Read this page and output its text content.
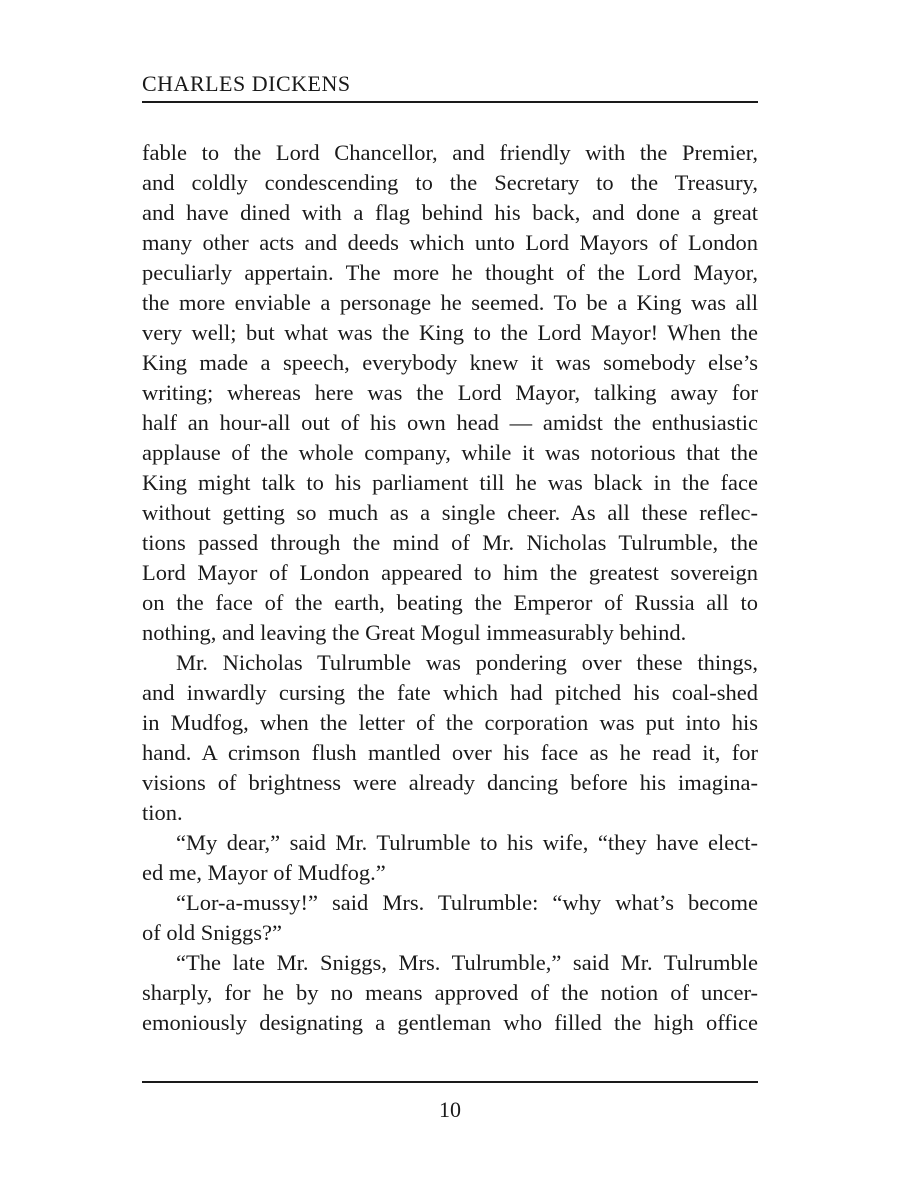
CHARLES DICKENS
fable to the Lord Chancellor, and friendly with the Premier,
and coldly condescending to the Secretary to the Treasury,
and have dined with a flag behind his back, and done a great
many other acts and deeds which unto Lord Mayors of London
peculiarly appertain. The more he thought of the Lord Mayor,
the more enviable a personage he seemed. To be a King was all
very well; but what was the King to the Lord Mayor! When the
King made a speech, everybody knew it was somebody else’s
writing; whereas here was the Lord Mayor, talking away for
half an hour-all out of his own head — amidst the enthusiastic
applause of the whole company, while it was notorious that the
King might talk to his parliament till he was black in the face
without getting so much as a single cheer. As all these reflec-
tions passed through the mind of Mr. Nicholas Tulrumble, the
Lord Mayor of London appeared to him the greatest sovereign
on the face of the earth, beating the Emperor of Russia all to
nothing, and leaving the Great Mogul immeasurably behind.
Mr. Nicholas Tulrumble was pondering over these things,
and inwardly cursing the fate which had pitched his coal-shed
in Mudfog, when the letter of the corporation was put into his
hand. A crimson flush mantled over his face as he read it, for
visions of brightness were already dancing before his imagina-
tion.
“My dear,” said Mr. Tulrumble to his wife, “they have elect-
ed me, Mayor of Mudfog.”
“Lor-a-mussy!” said Mrs. Tulrumble: “why what’s become
of old Sniggs?”
“The late Mr. Sniggs, Mrs. Tulrumble,” said Mr. Tulrumble
sharply, for he by no means approved of the notion of uncer-
emoniously designating a gentleman who filled the high office
10
